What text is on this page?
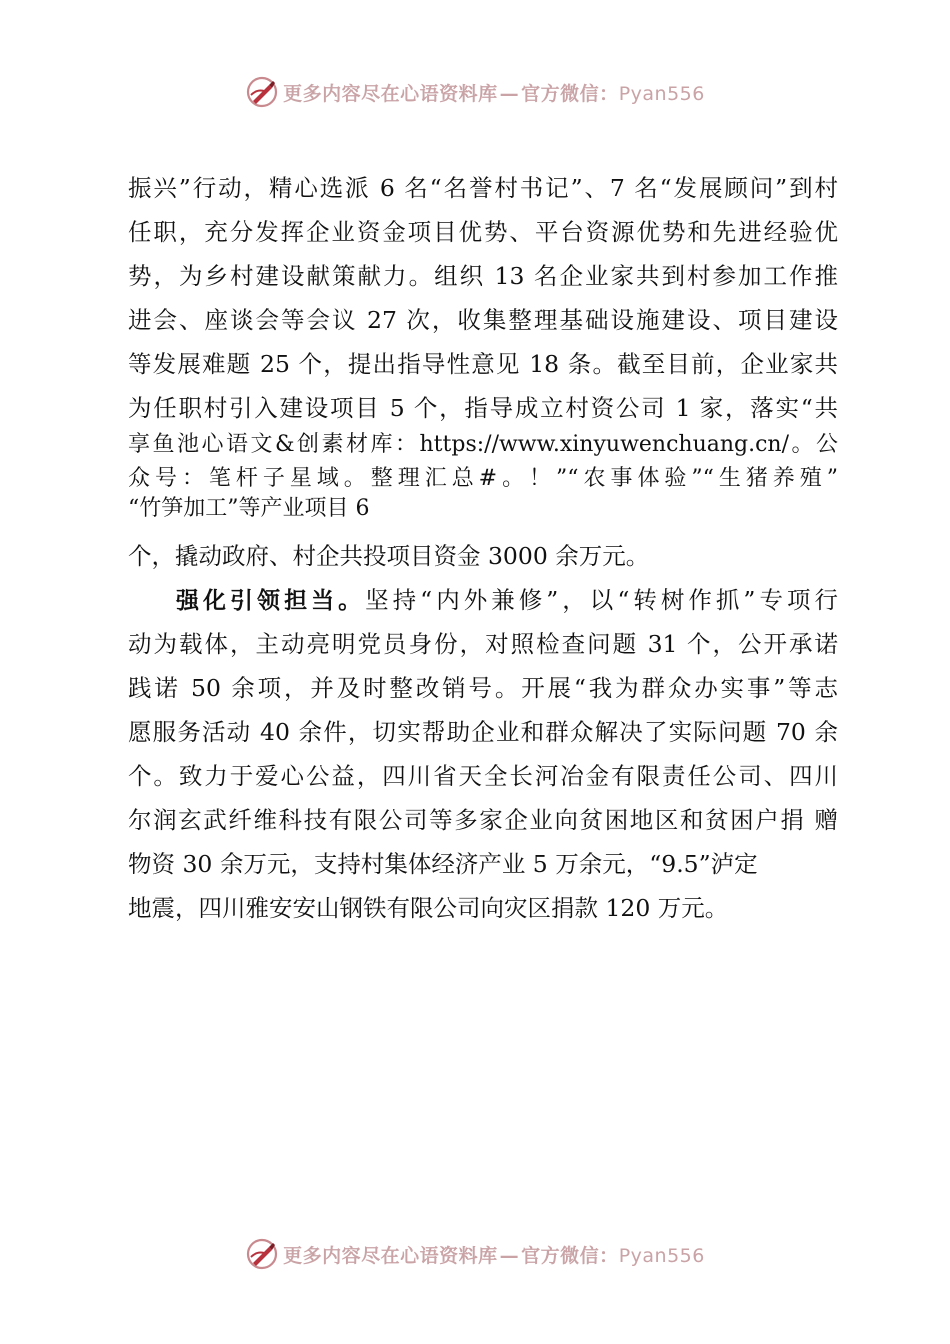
更多内容尽在心语资料库 — 官方微信：Pyan556
振兴”行动，精心选派 6 名“名誉村书记”、7 名“发展顾问”到村
任职，充分发挥企业资金项目优势、平台资源优势和先进经验优
势，为乡村建设献策献力。组织 13 名企业家共到村参加工作推
进会、座谈会等会议 27 次，收集整理基础设施建设、项目建设
等发展难题 25 个，提出指导性意见 18 条。截至目前，企业家共
为任职村引入建设项目 5 个，指导成立村资公司 1 家，落实“共
享鱼池心语文&创素材库：https://www.xinyuwenchuang.cn/。公
众号：笔杆子星域。整理汇总#。！”“农事体验”“生猪养殖”
“竹笋加工”等产业项目 6
个，撬动政府、村企共投项目资金 3000 余万元。
强化引领担当。坚持“内外兼修”，以“转树作抓”专项行
动为载体，主动亮明党员身份，对照检查问题 31 个，公开承诺
践诺 50 余项，并及时整改销号。开展“我为群众办实事”等志
愿服务活动 40 余件，切实帮助企业和群众解决了实际问题 70 余
个。致力于爱心公益，四川省天全长河冶金有限责任公司、四川
尔润玄武纤维科技有限公司等多家企业向贫困地区和贫困户捐 赠
物资 30 余万元，支持村集体经济产业 5 万余元，“9.5”泸定
地震，四川雅安安山钢铁有限公司向灾区捐款 120 万元。
更多内容尽在心语资料库 — 官方微信：Pyan556
